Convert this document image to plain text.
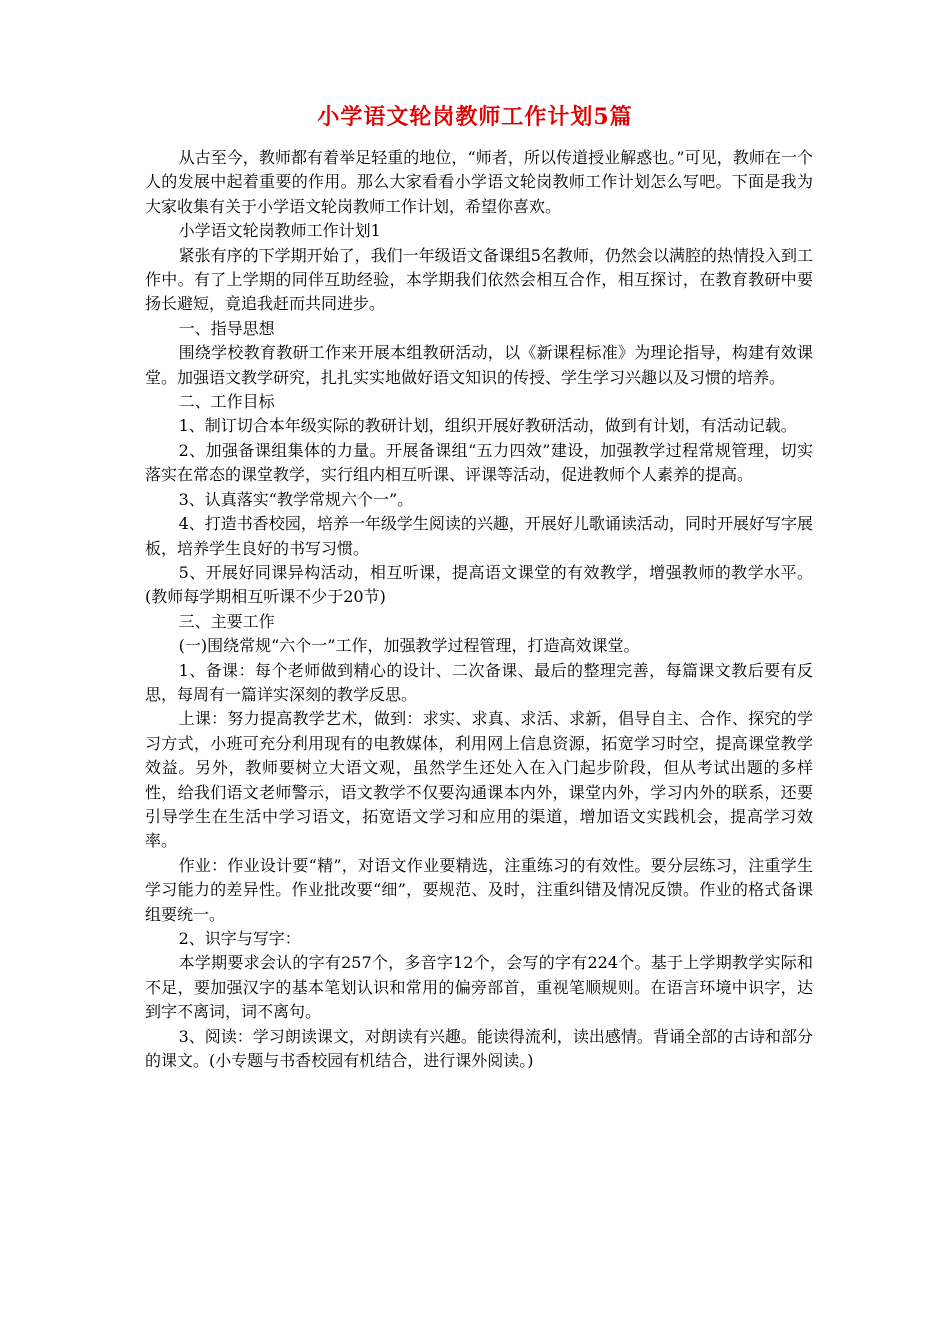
小学语文轮岗教师工作计划5篇

从古至今，教师都有着举足轻重的地位，“师者，所以传道授业解惑也。”可见，教师在一个人的发展中起着重要的作用。那么大家看看小学语文轮岗教师工作计划怎么写吧。下面是我为大家收集有关于小学语文轮岗教师工作计划，希望你喜欢。

小学语文轮岗教师工作计划1

紧张有序的下学期开始了，我们一年级语文备课组5名教师，仍然会以满腔的热情投入到工作中。有了上学期的同伴互助经验，本学期我们依然会相互合作，相互探讨，在教育教研中要扬长避短，竟追我赶而共同进步。

一、指导思想

围绕学校教育教研工作来开展本组教研活动，以《新课程标准》为理论指导，构建有效课堂。加强语文教学研究，扎扎实实地做好语文知识的传授、学生学习兴趣以及习惯的培养。

二、工作目标

1、制订切合本年级实际的教研计划，组织开展好教研活动，做到有计划，有活动记载。

2、加强备课组集体的力量。开展备课组“五力四效”建设，加强教学过程常规管理，切实落实在常态的课堂教学，实行组内相互听课、评课等活动，促进教师个人素养的提高。

3、认真落实“教学常规六个一”。

4、打造书香校园，培养一年级学生阅读的兴趣，开展好儿歌诵读活动，同时开展好写字展板，培养学生良好的书写习惯。

5、开展好同课异构活动，相互听课，提高语文课堂的有效教学，增强教师的教学水平。(教师每学期相互听课不少于20节)

三、主要工作

(一)围绕常规“六个一”工作，加强教学过程管理，打造高效课堂。

1、备课：每个老师做到精心的设计、二次备课、最后的整理完善，每篇课文教后要有反思，每周有一篇详实深刻的教学反思。

上课：努力提高教学艺术，做到：求实、求真、求活、求新，倡导自主、合作、探究的学习方式，小班可充分利用现有的电教媒体，利用网上信息资源，拓宽学习时空，提高课堂教学效益。另外，教师要树立大语文观，虽然学生还处入在入门起步阶段，但从考试出题的多样性，给我们语文老师警示，语文教学不仅要沟通课本内外，课堂内外，学习内外的联系，还要引导学生在生活中学习语文，拓宽语文学习和应用的渠道，增加语文实践机会，提高学习效率。

作业：作业设计要“精”，对语文作业要精选，注重练习的有效性。要分层练习，注重学生学习能力的差异性。作业批改要“细”，要规范、及时，注重纠错及情况反馈。作业的格式备课组要统一。

2、识字与写字：

本学期要求会认的字有257个，多音字12个，会写的字有224个。基于上学期教学实际和不足，要加强汉字的基本笔划认识和常用的偏旁部首，重视笔顺规则。在语言环境中识字，达到字不离词，词不离句。

3、阅读：学习朗读课文，对朗读有兴趣。能读得流利，读出感情。背诵全部的古诗和部分的课文。(小专题与书香校园有机结合，进行课外阅读。)
